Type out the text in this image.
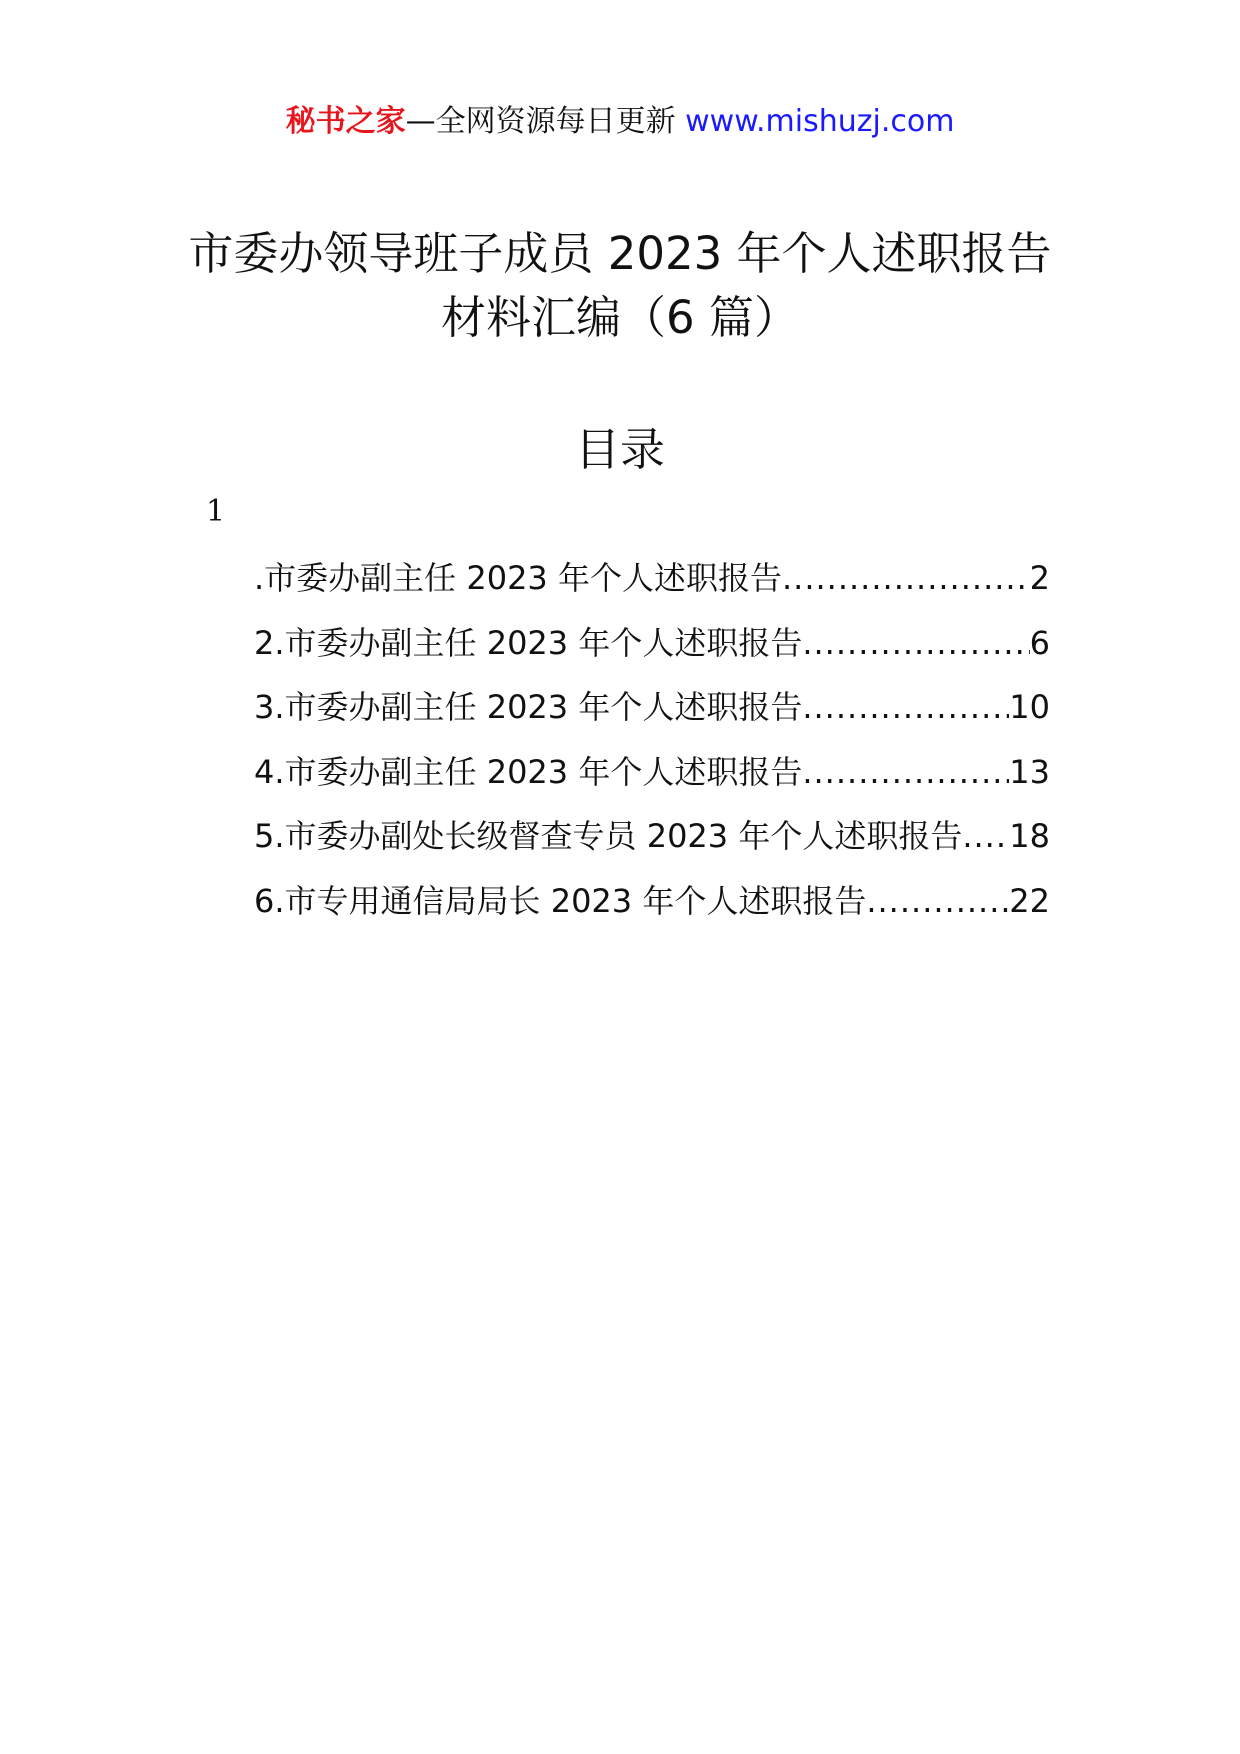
秘书之家—全网资源每日更新 www.mishuzj.com
市委办领导班子成员 2023 年个人述职报告
材料汇编（6 篇）
目录
1
.市委办副主任 2023 年个人述职报告 .....	2
2.市委办副主任 2023 年个人述职报告 .....	6
3.市委办副主任 2023 年个人述职报告 .....	10
4.市委办副主任 2023 年个人述职报告 .....	13
5.市委办副处长级督查专员 2023 年个人述职报告 ..... 18
6.市专用通信局局长 2023 年个人述职报告 .....	22
